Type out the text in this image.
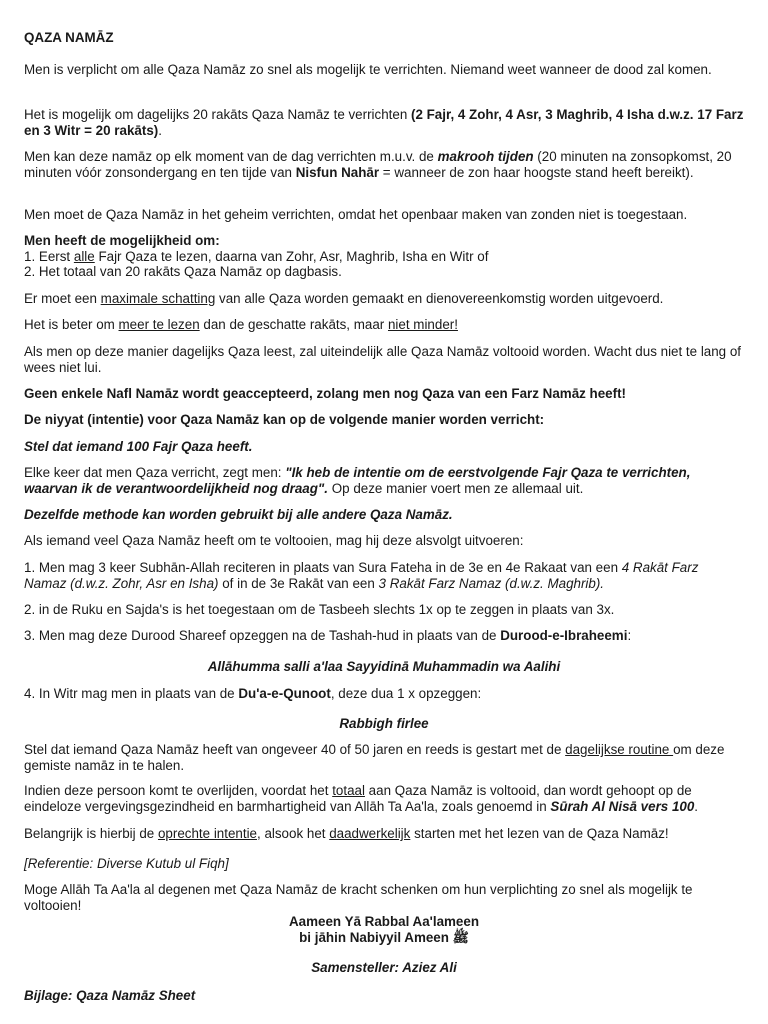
QAZA NAMĀZ

Men is verplicht om alle Qaza Namāz zo snel als mogelijk te verrichten. Niemand weet wanneer de dood zal komen.

Het is mogelijk om dagelijks 20 rakāts Qaza Namāz te verrichten (2 Fajr, 4 Zohr, 4 Asr, 3 Maghrib, 4 Isha d.w.z. 17 Farz en 3 Witr = 20 rakāts).

Men kan deze namāz op elk moment van de dag verrichten m.u.v. de makrooh tijden (20 minuten na zonsopkomst, 20 minuten vóór zonsondergang en ten tijde van Nisfun Nahār = wanneer de zon haar hoogste stand heeft bereikt).

Men moet de Qaza Namāz in het geheim verrichten, omdat het openbaar maken van zonden niet is toegestaan.

Men heeft de mogelijkheid om:
1. Eerst alle Fajr Qaza te lezen, daarna van Zohr, Asr, Maghrib, Isha en Witr of
2. Het totaal van 20 rakāts Qaza Namāz op dagbasis.

Er moet een maximale schatting van alle Qaza worden gemaakt en dienovereenkomstig worden uitgevoerd.

Het is beter om meer te lezen dan de geschatte rakāts, maar niet minder!

Als men op deze manier dagelijks Qaza leest, zal uiteindelijk alle Qaza Namāz voltooid worden. Wacht dus niet te lang of wees niet lui.

Geen enkele Nafl Namāz wordt geaccepteerd, zolang men nog Qaza van een Farz Namāz heeft!

De niyyat (intentie) voor Qaza Namāz kan op de volgende manier worden verricht:

Stel dat iemand 100 Fajr Qaza heeft.

Elke keer dat men Qaza verricht, zegt men: "Ik heb de intentie om de eerstvolgende Fajr Qaza te verrichten, waarvan ik de verantwoordelijkheid nog draag". Op deze manier voert men ze allemaal uit.

Dezelfde methode kan worden gebruikt bij alle andere Qaza Namāz.

Als iemand veel Qaza Namāz heeft om te voltooien, mag hij deze alsvolgt uitvoeren:

1. Men mag 3 keer Subhān-Allah reciteren in plaats van Sura Fateha in de 3e en 4e Rakaat van een 4 Rakāt Farz Namaz (d.w.z. Zohr, Asr en Isha) of in de 3e Rakāt van een 3 Rakāt Farz Namaz (d.w.z. Maghrib).

2. in de Ruku en Sajda's is het toegestaan om de Tasbeeh slechts 1x op te zeggen in plaats van 3x.

3. Men mag deze Durood Shareef opzeggen na de Tashah-hud in plaats van de Durood-e-Ibraheemi:

Allāhumma salli a'laa Sayyidinā Muhammadin wa Aalihi

4. In Witr mag men in plaats van de Du'a-e-Qunoot, deze dua 1 x opzeggen:

Rabbigh firlee

Stel dat iemand Qaza Namāz heeft van ongeveer 40 of 50 jaren en reeds is gestart met de dagelijkse routine om deze gemiste namāz in te halen.

Indien deze persoon komt te overlijden, voordat het totaal aan Qaza Namāz is voltooid, dan wordt gehoopt op de eindeloze vergevingsgezindheid en barmhartigheid van Allāh Ta Aa'la, zoals genoemd in Sūrah Al Nisā vers 100.

Belangrijk is hierbij de oprechte intentie, alsook het daadwerkelijk starten met het lezen van de Qaza Namāz!

[Referentie: Diverse Kutub ul Fiqh]

Moge Allāh Ta Aa'la al degenen met Qaza Namāz de kracht schenken om hun verplichting zo snel als mogelijk te voltooien!

Aameen Yā Rabbal Aa'lameen
bi jāhin Nabiyyil Ameen ﷺ

Samensteller: Aziez Ali

Bijlage: Qaza Namāz Sheet
